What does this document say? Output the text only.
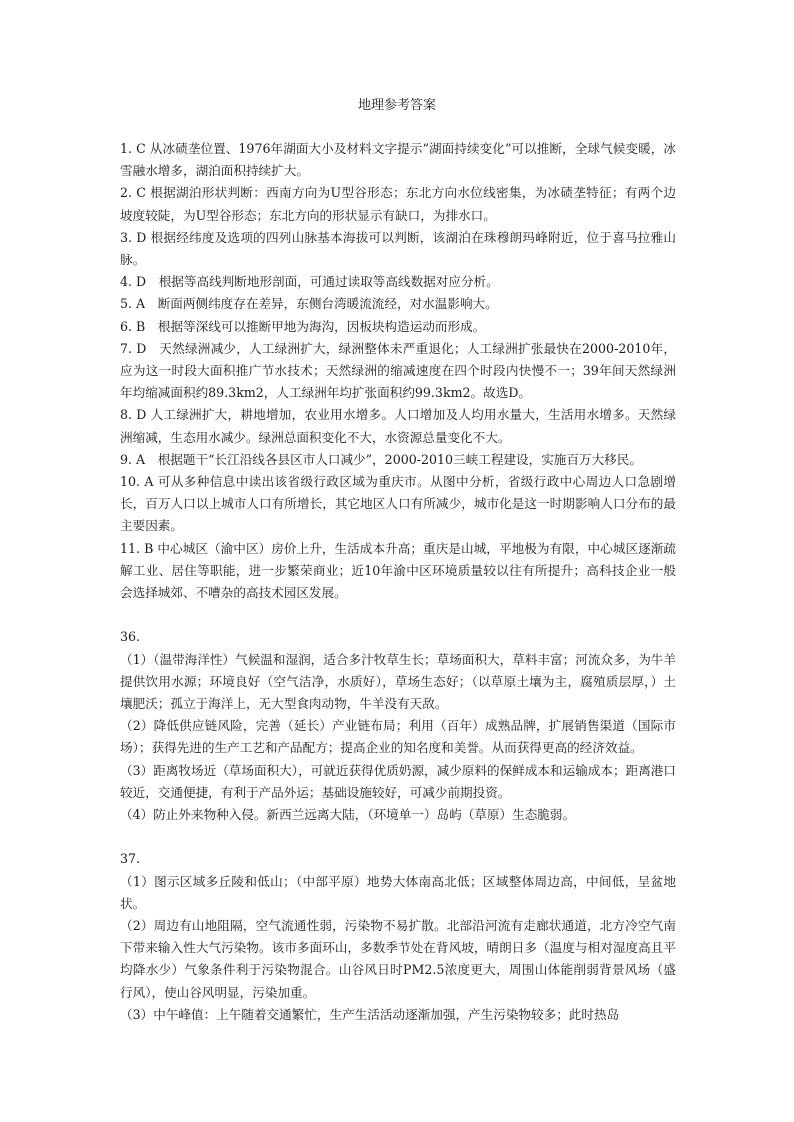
地理参考答案

1. C 从冰碛垄位置、1976年湖面大小及材料文字提示“湖面持续变化”可以推断，全球气候变暖，冰雪融水增多，湖泊面积持续扩大。

2. C 根据湖泊形状判断：西南方向为U型谷形态；东北方向水位线密集，为冰碛垄特征；有两个边坡度较陡，为U型谷形态；东北方向的形状显示有缺口，为排水口。

3. D 根据经纬度及选项的四列山脉基本海拔可以判断，该湖泊在珠穆朗玛峰附近，位于喜马拉雅山脉。

4. D　根据等高线判断地形剖面，可通过读取等高线数据对应分析。

5. A　断面两侧纬度存在差异，东侧台湾暖流流经，对水温影响大。

6. B　根据等深线可以推断甲地为海沟，因板块构造运动而形成。

7. D　天然绿洲减少，人工绿洲扩大，绿洲整体未严重退化；人工绿洲扩张最快在2000-2010年，应为这一时段大面积推广节水技术；天然绿洲的缩减速度在四个时段内快慢不一；39年间天然绿洲年均缩减面积约89.3km2，人工绿洲年均扩张面积约99.3km2。故选D。

8. D 人工绿洲扩大，耕地增加，农业用水增多。人口增加及人均用水量大，生活用水增多。天然绿洲缩减，生态用水减少。绿洲总面积变化不大，水资源总量变化不大。

9. A　根据题干“长江沿线各县区市人口减少”，2000-2010三峡工程建设，实施百万大移民。

10. A 可从多种信息中读出该省级行政区域为重庆市。从图中分析，省级行政中心周边人口急剧增长，百万人口以上城市人口有所增长，其它地区人口有所减少，城市化是这一时期影响人口分布的最主要因素。

11. B 中心城区（渝中区）房价上升，生活成本升高；重庆是山城，平地极为有限，中心城区逐渐疏解工业、居住等职能，进一步繁荣商业；近10年渝中区环境质量较以往有所提升；高科技企业一般会选择城郊、不嘈杂的高技术园区发展。

36.

（1）（温带海洋性）气候温和湿润，适合多汁牧草生长；草场面积大，草料丰富；河流众多，为牛羊提供饮用水源；环境良好（空气洁净，水质好），草场生态好；（以草原土壤为主，腐殖质层厚，）土壤肥沃；孤立于海洋上，无大型食肉动物，牛羊没有天敌。

（2）降低供应链风险，完善（延长）产业链布局；利用（百年）成熟品牌，扩展销售渠道（国际市场）；获得先进的生产工艺和产品配方；提高企业的知名度和美誉。从而获得更高的经济效益。

（3）距离牧场近（草场面积大），可就近获得优质奶源，减少原料的保鲜成本和运输成本；距离港口较近，交通便捷，有利于产品外运；基础设施较好，可减少前期投资。

（4）防止外来物种入侵。新西兰远离大陆，（环境单一）岛屿（草原）生态脆弱。

37.

（1）图示区域多丘陵和低山；（中部平原）地势大体南高北低；区域整体周边高，中间低，呈盆地状。

（2）周边有山地阻隔，空气流通性弱，污染物不易扩散。北部沿河流有走廊状通道，北方冷空气南下带来输入性大气污染物。该市多面环山，多数季节处在背风坡，晴朗日多（温度与相对湿度高且平均降水少）气象条件利于污染物混合。山谷风日时PM2.5浓度更大，周围山体能削弱背景风场（盛行风），使山谷风明显，污染加重。

（3）中午峰值：上午随着交通繁忙，生产生活活动逐渐加强，产生污染物较多；此时热岛
